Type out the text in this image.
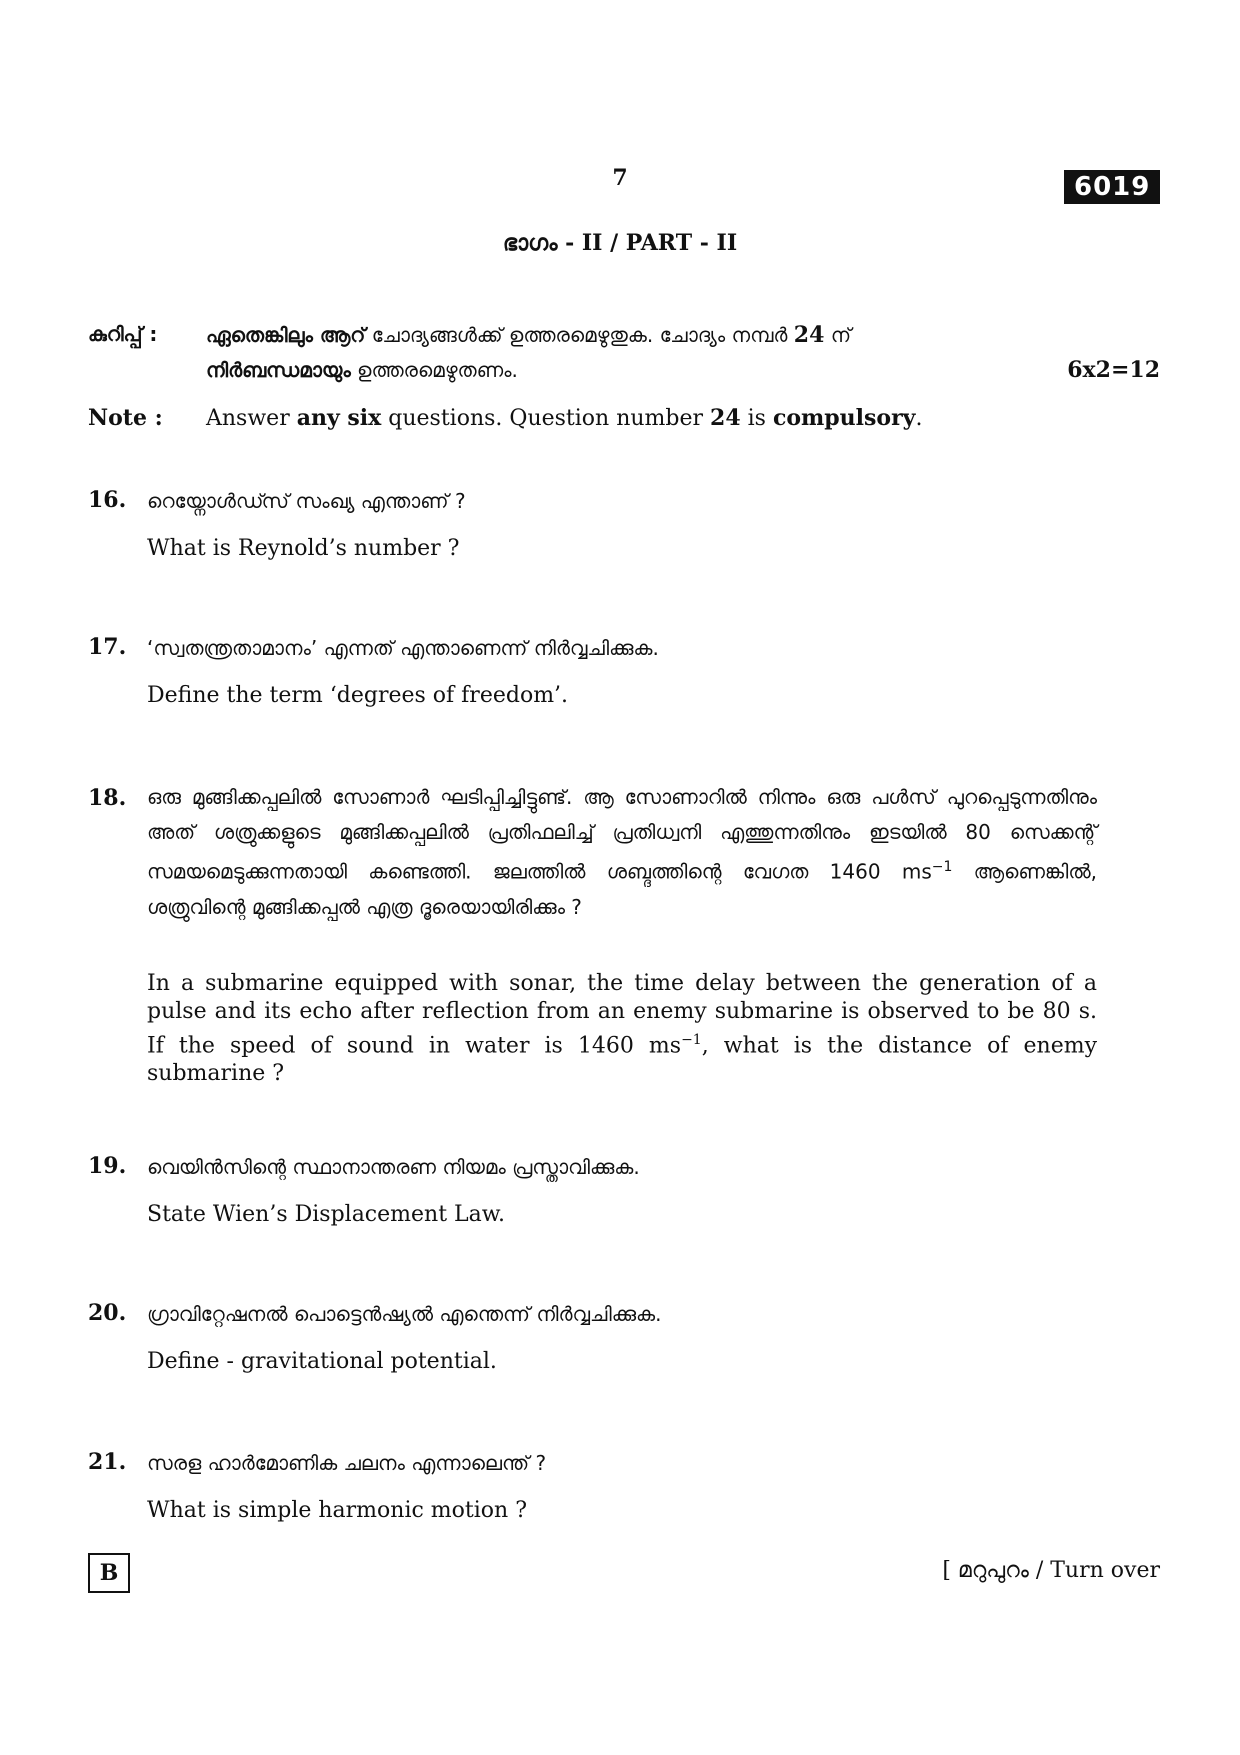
7	6019
ഭാഗം - II / PART - II
കുറിപ്പ് : ഏതെങ്കിലും ആറ് ചോദ്യങ്ങൾക്ക് ഉത്തരമെഴുതുക. ചോദ്യം നമ്പർ 24 ന്
നിർബന്ധമായും ഉത്തരമെഴുതണം.	6x2=12
Note : Answer any six questions. Question number 24 is compulsory.
16. റെയ്നോൾഡ്സ് സംഖ്യ എന്താണ് ?
What is Reynold’s number ?
17. ‘സ്വതന്ത്രതാമാനം’ എന്നത് എന്താണെന്ന് നിർവ്വചിക്കുക.
Define the term ‘degrees of freedom’.
18. ഒരു മുങ്ങിക്കപ്പലിൽ സോണാർ ഘടിപ്പിച്ചിട്ടുണ്ട്. ആ സോണാറിൽ നിന്നും ഒരു പൾസ് പുറപ്പെടുന്നതിനും അത് ശത്രുക്കളുടെ മുങ്ങിക്കപ്പലിൽ പ്രതിഫലിച്ച് പ്രതിധ്വനി എത്തുന്നതിനും ഇടയിൽ 80 സെക്കന്റ് സമയമെടുക്കുന്നതായി കണ്ടെത്തി. ജലത്തിൽ ശബ്ദത്തിന്റെ വേഗത 1460 $ms^{-1}$ ആണെങ്കിൽ, ശത്രുവിന്റെ മുങ്ങിക്കപ്പൽ എത്ര ദൂരെയായിരിക്കും ?
In a submarine equipped with sonar, the time delay between the generation of a pulse and its echo after reflection from an enemy submarine is observed to be 80 s. If the speed of sound in water is 1460 $ms^{-1}$, what is the distance of enemy submarine ?
19. വെയിൻസിന്റെ സ്ഥാനാന്തരണ നിയമം പ്രസ്താവിക്കുക.
State Wien’s Displacement Law.
20. ഗ്രാവിറ്റേഷനൽ പൊട്ടെൻഷ്യൽ എന്തെന്ന് നിർവ്വചിക്കുക.
Define - gravitational potential.
21. സരള ഹാർമോണിക ചലനം എന്നാലെന്ത് ?
What is simple harmonic motion ?
B	[ മറുപുറം / Turn over
